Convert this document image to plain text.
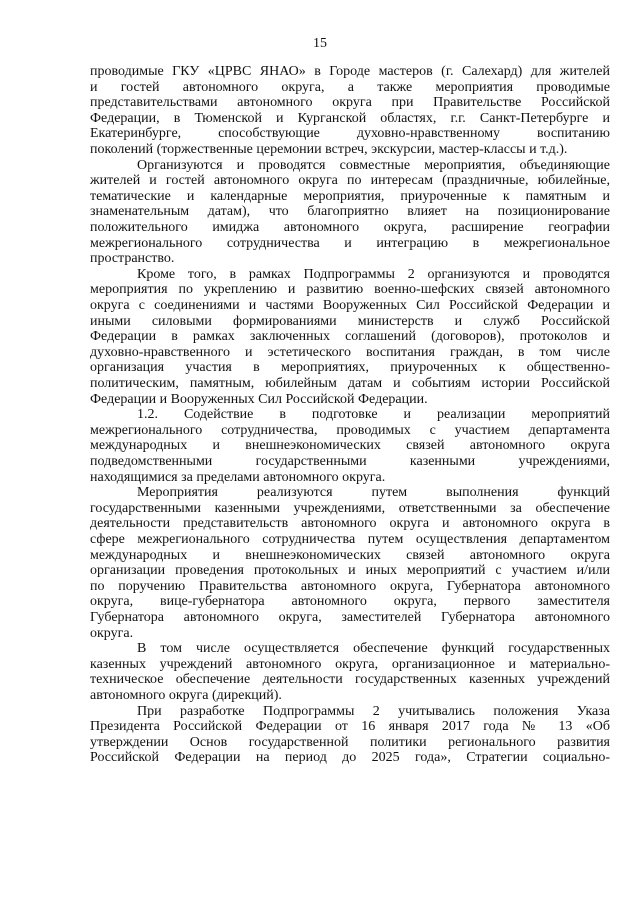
15
проводимые ГКУ «ЦРВС ЯНАО» в Городе мастеров (г. Салехард) для жителей
и гостей автономного округа, а также мероприятия проводимые
представительствами автономного округа при Правительстве Российской
Федерации, в Тюменской и Курганской областях, г.г. Санкт-Петербурге и
Екатеринбурге, способствующие духовно-нравственному воспитанию
поколений (торжественные церемонии встреч, экскурсии, мастер-классы и т.д.).
Организуются и проводятся совместные мероприятия, объединяющие
жителей и гостей автономного округа по интересам (праздничные, юбилейные,
тематические и календарные мероприятия, приуроченные к памятным и
знаменательным датам), что благоприятно влияет на позиционирование
положительного имиджа автономного округа, расширение географии
межрегионального сотрудничества и интеграцию в межрегиональное
пространство.
Кроме того, в рамках Подпрограммы 2 организуются и проводятся
мероприятия по укреплению и развитию военно-шефских связей автономного
округа с соединениями и частями Вооруженных Сил Российской Федерации и
иными силовыми формированиями министерств и служб Российской
Федерации в рамках заключенных соглашений (договоров), протоколов и
духовно-нравственного и эстетического воспитания граждан, в том числе
организация участия в мероприятиях, приуроченных к общественно-
политическим, памятным, юбилейным датам и событиям истории Российской
Федерации и Вооруженных Сил Российской Федерации.
1.2. Содействие в подготовке и реализации мероприятий
межрегионального сотрудничества, проводимых с участием департамента
международных и внешнеэкономических связей автономного округа
подведомственными государственными казенными учреждениями,
находящимися за пределами автономного округа.
Мероприятия реализуются путем выполнения функций
государственными казенными учреждениями, ответственными за обеспечение
деятельности представительств автономного округа и автономного округа в
сфере межрегионального сотрудничества путем осуществления департаментом
международных и внешнеэкономических связей автономного округа
организации проведения протокольных и иных мероприятий с участием и/или
по поручению Правительства автономного округа, Губернатора автономного
округа, вице-губернатора автономного округа, первого заместителя
Губернатора автономного округа, заместителей Губернатора автономного
округа.
В том числе осуществляется обеспечение функций государственных
казенных учреждений автономного округа, организационное и материально-
техническое обеспечение деятельности государственных казенных учреждений
автономного округа (дирекций).
При разработке Подпрограммы 2 учитывались положения Указа
Президента Российской Федерации от 16 января 2017 года № 13 «Об
утверждении Основ государственной политики регионального развития
Российской Федерации на период до 2025 года», Стратегии социально-
